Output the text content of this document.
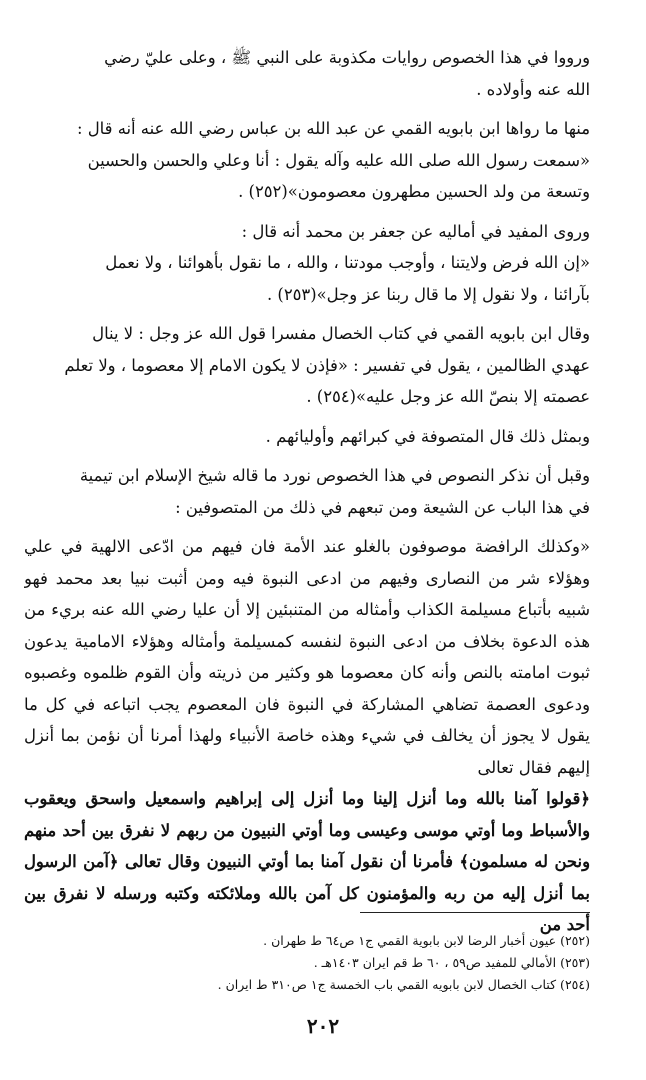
ورووا في هذا الخصوص روايات مكذوبة على النبي ﷺ ، وعلى عليّ رضي
الله عنه وأولاده .
منها ما رواها ابن بابويه القمي عن عبد الله بن عباس رضي الله عنه أنه قال :
«سمعت رسول الله صلى الله عليه وآله يقول : أنا وعلي والحسن والحسين
وتسعة من ولد الحسين مطهرون معصومون»(٢٥٢) .
وروى المفيد في أماليه عن جعفر بن محمد أنه قال :
«إن الله فرض ولايتنا ، وأوجب مودتنا ، والله ، ما نقول بأهوائنا ، ولا نعمل
بآرائنا ، ولا نقول إلا ما قال ربنا عز وجل»(٢٥٣) .
وقال ابن بابويه القمي في كتاب الخصال مفسرا قول الله عز وجل : لا ينال
عهدي الظالمين ، يقول في تفسير : «فإذن لا يكون الامام إلا معصوما ، ولا تعلم
عصمته إلا بنصّ الله عز وجل عليه»(٢٥٤) .
وبمثل ذلك قال المتصوفة في كبرائهم وأوليائهم .
وقبل أن نذكر النصوص في هذا الخصوص نورد ما قاله شيخ الإسلام ابن تيمية
في هذا الباب عن الشيعة ومن تبعهم في ذلك من المتصوفين :
«وكذلك الرافضة موصوفون بالغلو عند الأمة فان فيهم من ادّعى الالهية في علي وهؤلاء شر من النصارى وفيهم من ادعى النبوة فيه ومن أثبت نبيا بعد محمد فهو شبيه بأتباع مسيلمة الكذاب وأمثاله من المتنبئين إلا أن عليا رضي الله عنه بريء من هذه الدعوة بخلاف من ادعى النبوة لنفسه كمسيلمة وأمثاله وهؤلاء الامامية يدعون ثبوت امامته بالنص وأنه كان معصوما هو وكثير من ذريته وأن القوم ظلموه وغصبوه ودعوى العصمة تضاهي المشاركة في النبوة فان المعصوم يجب اتباعه في كل ما يقول لا يجوز أن يخالف في شيء وهذه خاصة الأنبياء ولهذا أمرنا أن نؤمن بما أنزل إليهم فقال تعالى
﴿قولوا آمنا بالله وما أنزل إلينا وما أنزل إلى إبراهيم واسمعيل واسحق ويعقوب والأسباط وما أوتي موسى وعيسى وما أوتي النبيون من ربهم لا نفرق بين أحد منهم ونحن له مسلمون﴾ فأمرنا أن نقول آمنا بما أوتي النبيون وقال تعالى ﴿آمن الرسول بما أنزل إليه من ربه والمؤمنون كل آمن بالله وملائكته وكتبه ورسله لا نفرق بين أحد من

(٢٥٢) عيون أخبار الرضا لابن بابوية القمي ج١ ص٦٤ ط طهران .

(٢٥٣) الأمالي للمفيد ص٥٩ ، ٦٠ ط قم ايران ١٤٠٣هـ .

(٢٥٤) كتاب الخصال لابن بابويه القمي باب الخمسة ج١ ص٣١٠ ط ايران .

٢٠٢
